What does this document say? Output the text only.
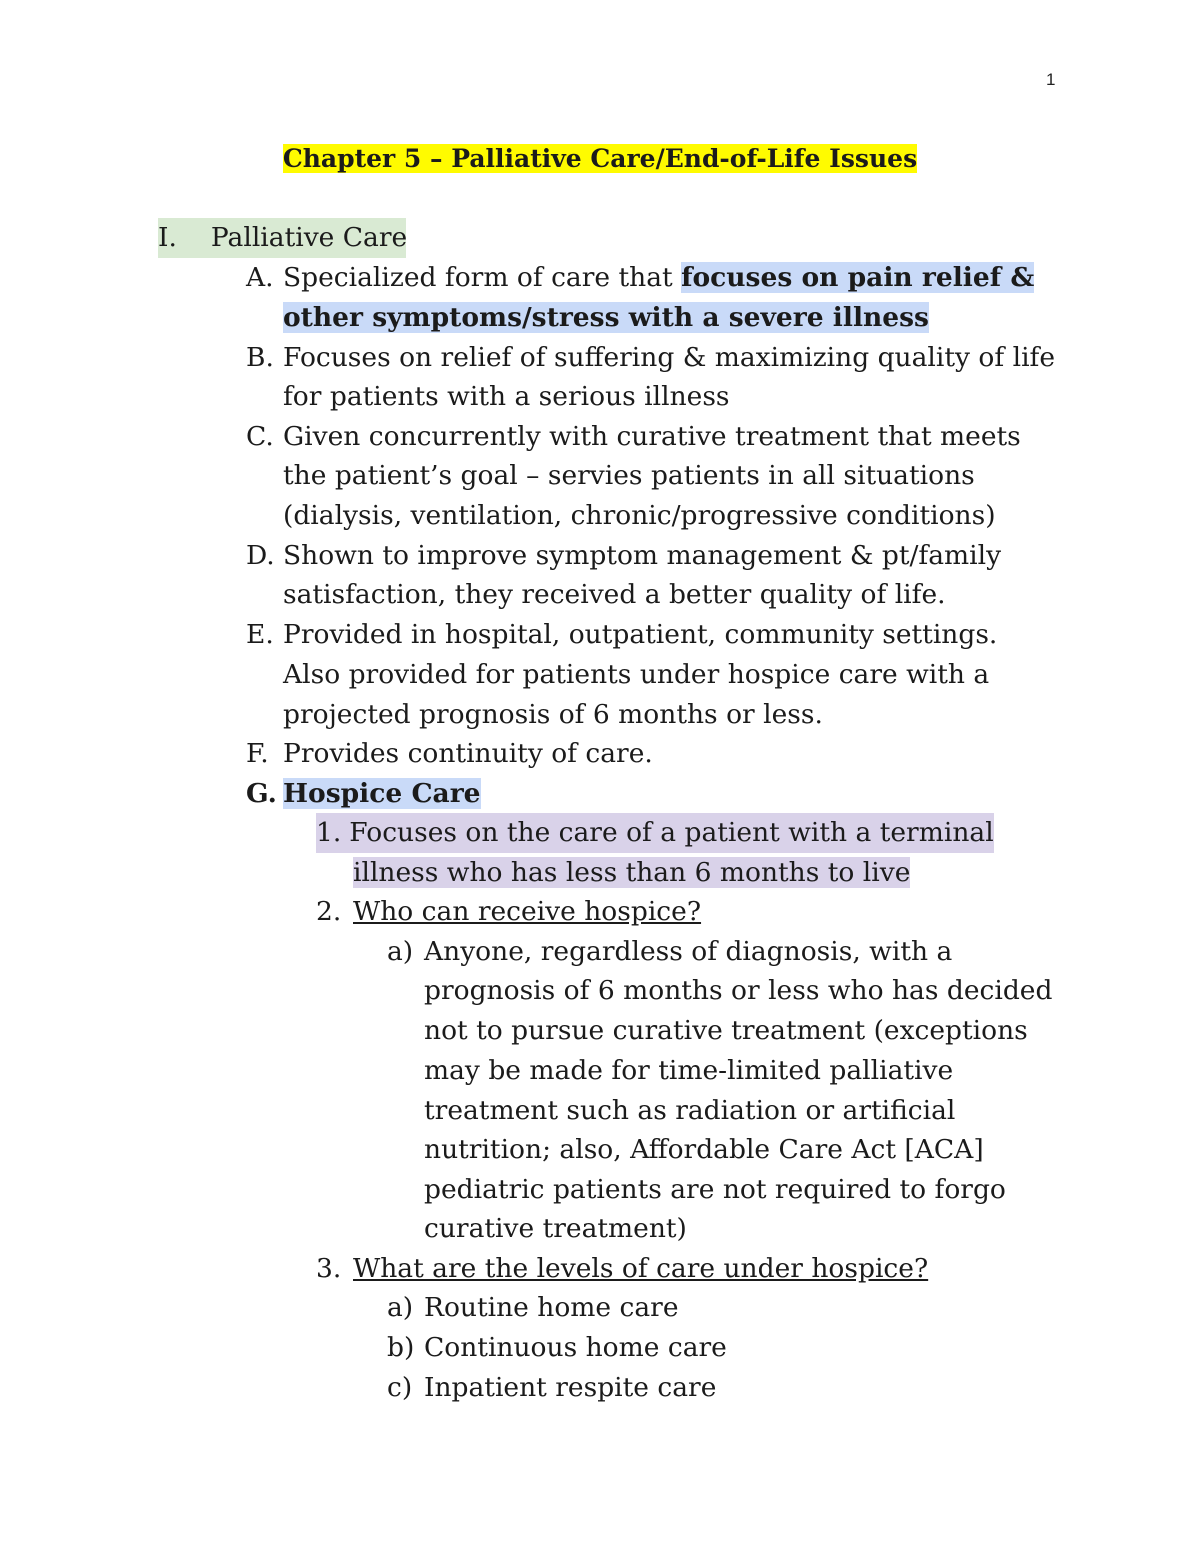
1
Chapter 5 – Palliative Care/End-of-Life Issues
I. Palliative Care
A. Specialized form of care that focuses on pain relief &
other symptoms/stress with a severe illness
B. Focuses on relief of suffering & maximizing quality of life
for patients with a serious illness
C. Given concurrently with curative treatment that meets
the patient’s goal – servies patients in all situations
(dialysis, ventilation, chronic/progressive conditions)
D. Shown to improve symptom management & pt/family
satisfaction, they received a better quality of life.
E. Provided in hospital, outpatient, community settings.
Also provided for patients under hospice care with a
projected prognosis of 6 months or less.
F. Provides continuity of care.
G. Hospice Care
1. Focuses on the care of a patient with a terminal
illness who has less than 6 months to live
2. Who can receive hospice?
a) Anyone, regardless of diagnosis, with a
prognosis of 6 months or less who has decided
not to pursue curative treatment (exceptions
may be made for time-limited palliative
treatment such as radiation or artificial
nutrition; also, Affordable Care Act [ACA]
pediatric patients are not required to forgo
curative treatment)
3. What are the levels of care under hospice?
a) Routine home care
b) Continuous home care
c) Inpatient respite care
